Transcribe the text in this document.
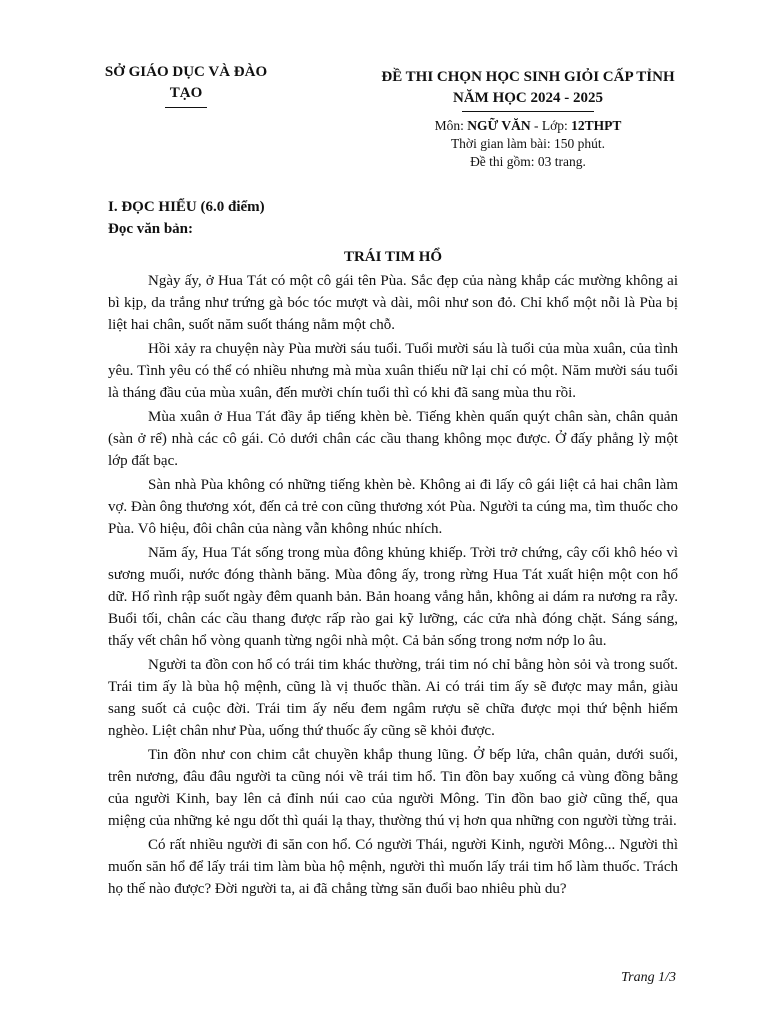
SỞ GIÁO DỤC VÀ ĐÀO
TẠO
ĐỀ THI CHỌN HỌC SINH GIỎI CẤP TỈNH
NĂM HỌC 2024 - 2025
Môn: NGỮ VĂN - Lớp: 12THPT
Thời gian làm bài: 150 phút.
Đề thi gồm: 03 trang.
I. ĐỌC HIỂU (6.0 điểm)
Đọc văn bản:
TRÁI TIM HỔ

Ngày ấy, ở Hua Tát có một cô gái tên Pùa. Sắc đẹp của nàng khắp các mường không ai bì kịp, da trắng như trứng gà bóc tóc mượt và dài, môi như son đỏ. Chỉ khổ một nỗi là Pùa bị liệt hai chân, suốt năm suốt tháng nằm một chỗ.

Hồi xảy ra chuyện này Pùa mười sáu tuổi. Tuổi mười sáu là tuổi của mùa xuân, của tình yêu. Tình yêu có thể có nhiều nhưng mà mùa xuân thiếu nữ lại chỉ có một. Năm mười sáu tuổi là tháng đầu của mùa xuân, đến mười chín tuổi thì có khi đã sang mùa thu rồi.

Mùa xuân ở Hua Tát đầy ắp tiếng khèn bè. Tiếng khèn quấn quýt chân sàn, chân quản (sàn ở rể) nhà các cô gái. Cỏ dưới chân các cầu thang không mọc được. Ở đấy phẳng lỳ một lớp đất bạc.

Sàn nhà Pùa không có những tiếng khèn bè. Không ai đi lấy cô gái liệt cả hai chân làm vợ. Đàn ông thương xót, đến cả trẻ con cũng thương xót Pùa. Người ta cúng ma, tìm thuốc cho Pùa. Vô hiệu, đôi chân của nàng vẫn không nhúc nhích.

Năm ấy, Hua Tát sống trong mùa đông khủng khiếp. Trời trở chứng, cây cối khô héo vì sương muối, nước đóng thành băng. Mùa đông ấy, trong rừng Hua Tát xuất hiện một con hổ dữ. Hổ rình rập suốt ngày đêm quanh bản. Bản hoang vắng hẳn, không ai dám ra nương ra rẫy. Buổi tối, chân các cầu thang được rấp rào gai kỹ lưỡng, các cửa nhà đóng chặt. Sáng sáng, thấy vết chân hổ vòng quanh từng ngôi nhà một. Cả bản sống trong nơm nớp lo âu.

Người ta đồn con hổ có trái tim khác thường, trái tim nó chỉ bằng hòn sỏi và trong suốt. Trái tim ấy là bùa hộ mệnh, cũng là vị thuốc thần. Ai có trái tim ấy sẽ được may mắn, giàu sang suốt cả cuộc đời. Trái tim ấy nếu đem ngâm rượu sẽ chữa được mọi thứ bệnh hiểm nghèo. Liệt chân như Pùa, uống thứ thuốc ấy cũng sẽ khỏi được.

Tin đồn như con chim cắt chuyền khắp thung lũng. Ở bếp lửa, chân quản, dưới suối, trên nương, đâu đâu người ta cũng nói về trái tim hổ. Tin đồn bay xuống cả vùng đồng bằng của người Kinh, bay lên cả đỉnh núi cao của người Mông. Tin đồn bao giờ cũng thế, qua miệng của những kẻ ngu dốt thì quái lạ thay, thường thú vị hơn qua những con người từng trải.

Có rất nhiều người đi săn con hổ. Có người Thái, người Kinh, người Mông... Người thì muốn săn hổ để lấy trái tim làm bùa hộ mệnh, người thì muốn lấy trái tim hổ làm thuốc. Trách họ thế nào được? Đời người ta, ai đã chẳng từng săn đuổi bao nhiêu phù du?

Trang 1/3
